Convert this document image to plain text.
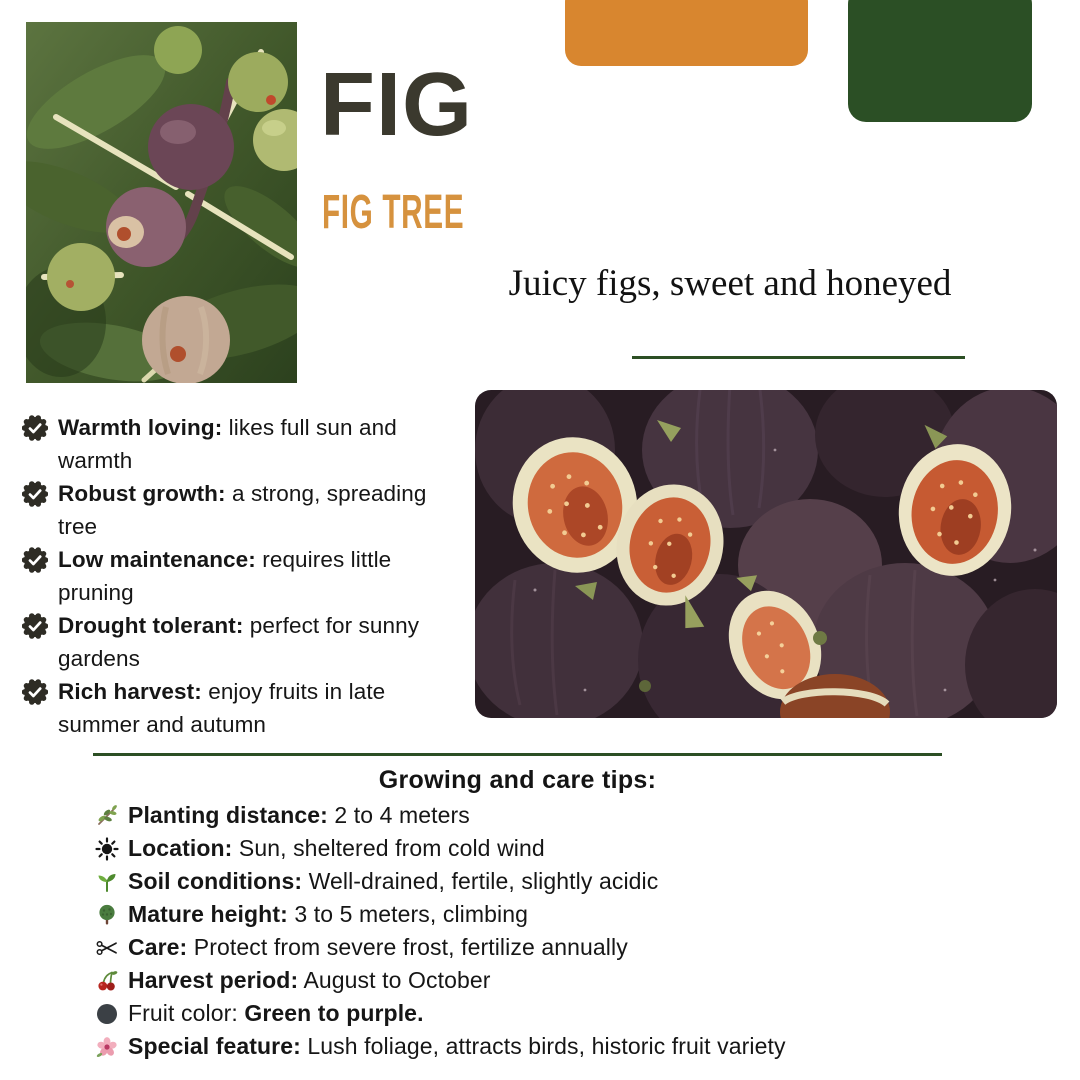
FIG
FIG TREE
Juicy figs, sweet and honeyed
Warmth loving: likes full sun and warmth
Robust growth: a strong, spreading tree
Low maintenance: requires little pruning
Drought tolerant: perfect for sunny gardens
Rich harvest: enjoy fruits in late summer and autumn
Growing and care tips:
Planting distance: 2 to 4 meters
Location: Sun, sheltered from cold wind
Soil conditions: Well-drained, fertile, slightly acidic
Mature height: 3 to 5 meters, climbing
Care: Protect from severe frost, fertilize annually
Harvest period: August to October
Fruit color: Green to purple.
Special feature: Lush foliage, attracts birds, historic fruit variety
